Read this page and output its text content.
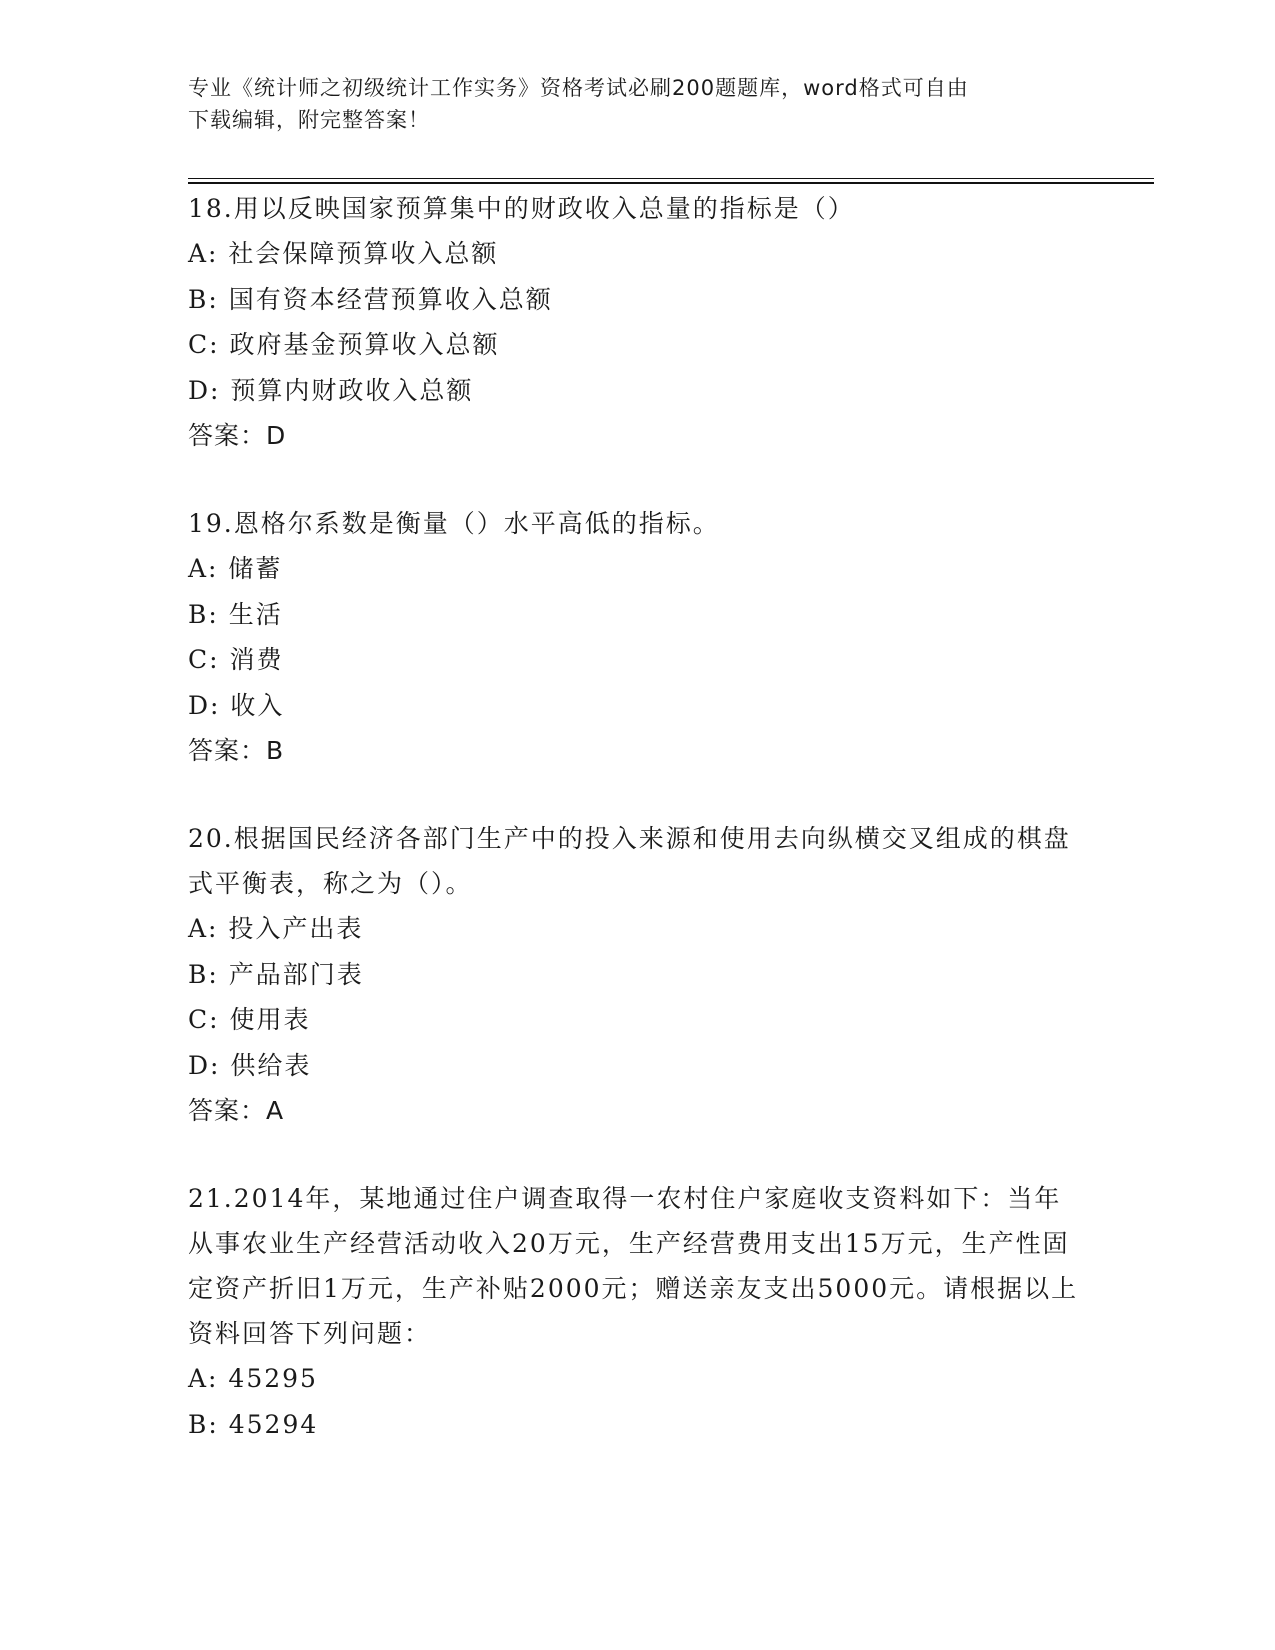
专业《统计师之初级统计工作实务》资格考试必刷200题题库，word格式可自由
下载编辑，附完整答案！

18.用以反映国家预算集中的财政收入总量的指标是（）

A: 社会保障预算收入总额

B: 国有资本经营预算收入总额

C: 政府基金预算收入总额

D: 预算内财政收入总额

答案：D

19.恩格尔系数是衡量（）水平高低的指标。

A: 储蓄

B: 生活

C: 消费

D: 收入

答案：B

20.根据国民经济各部门生产中的投入来源和使用去向纵横交叉组成的棋盘式平衡表，称之为（）。

A: 投入产出表

B: 产品部门表

C: 使用表

D: 供给表

答案：A

21.2014年，某地通过住户调查取得一农村住户家庭收支资料如下：当年从事农业生产经营活动收入20万元，生产经营费用支出15万元，生产性固定资产折旧1万元，生产补贴2000元；赠送亲友支出5000元。请根据以上资料回答下列问题：

A: 45295

B: 45294
